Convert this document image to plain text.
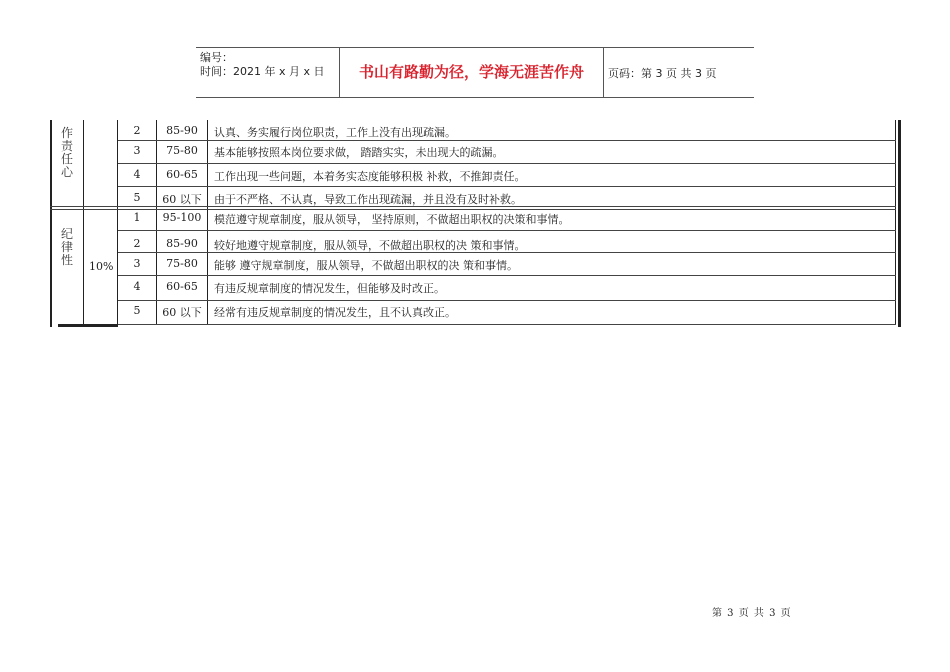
编号：
时间：2021 年 x 月 x 日	书山有路勤为径，学海无涯苦作舟	页码：第 3 页 共 3 页
作责任心
纪律性 10%
2	85-90	认真、务实履行岗位职责，工作上没有出现疏漏。
3	75-80	基本能够按照本岗位要求做， 踏踏实实，未出现大的疏漏。
4	60-65	工作出现一些问题，本着务实态度能够积极 补救，不推卸责任。
5	60 以下	由于不严格、不认真，导致工作出现疏漏，并且没有及时补救。
1	95-100	模范遵守规章制度，服从领导， 坚持原则，不做超出职权的决策和事情。
2	85-90	较好地遵守规章制度，服从领导，不做超出职权的决 策和事情。
3	75-80	能够 遵守规章制度，服从领导，不做超出职权的决 策和事情。
4	60-65	有违反规章制度的情况发生，但能够及时改正。
5	60 以下	经常有违反规章制度的情况发生，且不认真改正。
第 3 页 共 3 页
